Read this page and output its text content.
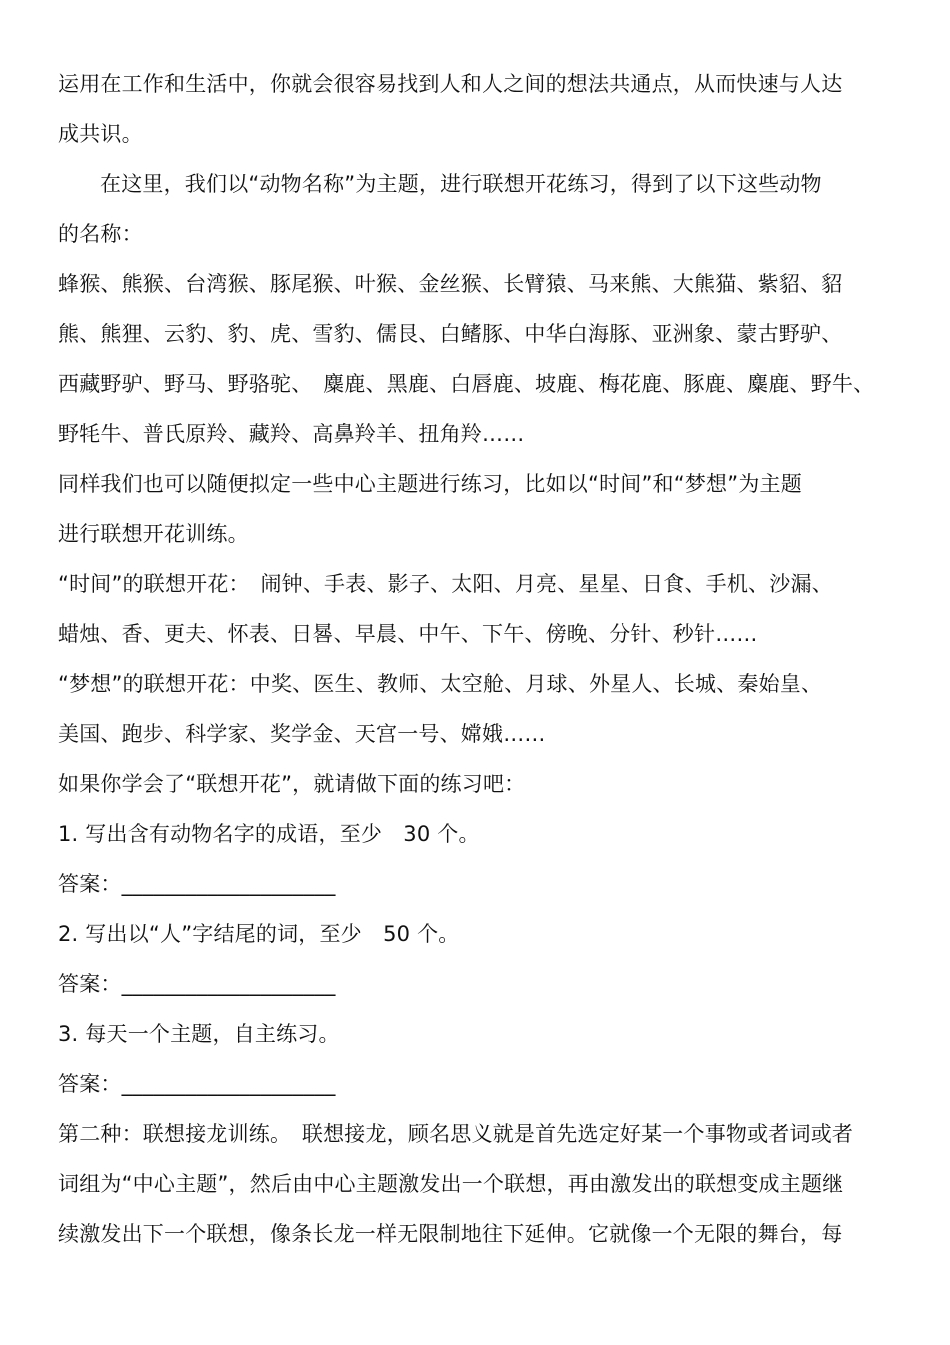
运用在工作和生活中，你就会很容易找到人和人之间的想法共通点，从而快速与人达
成共识。
在这里，我们以“动物名称”为主题，进行联想开花练习，得到了以下这些动物
的名称：
蜂猴、熊猴、台湾猴、豚尾猴、叶猴、金丝猴、长臂猿、马来熊、大熊猫、紫貂、貂
熊、熊狸、云豹、豹、虎、雪豹、儒艮、白鳍豚、中华白海豚、亚洲象、蒙古野驴、
西藏野驴、野马、野骆驼、　麋鹿、黑鹿、白唇鹿、坡鹿、梅花鹿、豚鹿、麋鹿、野牛、
野牦牛、普氏原羚、藏羚、高鼻羚羊、扭角羚……
同样我们也可以随便拟定一些中心主题进行练习，比如以“时间”和“梦想”为主题
进行联想开花训练。
“时间”的联想开花：　闹钟、手表、影子、太阳、月亮、星星、日食、手机、沙漏、
蜡烛、香、更夫、怀表、日晷、早晨、中午、下午、傍晚、分针、秒针……
“梦想”的联想开花：中奖、医生、教师、太空舱、月球、外星人、长城、秦始皇、
美国、跑步、科学家、奖学金、天宫一号、嫦娥……
如果你学会了“联想开花”，就请做下面的练习吧：
1. 写出含有动物名字的成语，至少　30 个。
答案：____________________
2. 写出以“人”字结尾的词，至少　50 个。
答案：____________________
3. 每天一个主题，自主练习。
答案：____________________
第二种：联想接龙训练。　联想接龙，顾名思义就是首先选定好某一个事物或者词或者
词组为“中心主题”，然后由中心主题激发出一个联想，再由激发出的联想变成主题继
续激发出下一个联想，像条长龙一样无限制地往下延伸。它就像一个无限的舞台，每
